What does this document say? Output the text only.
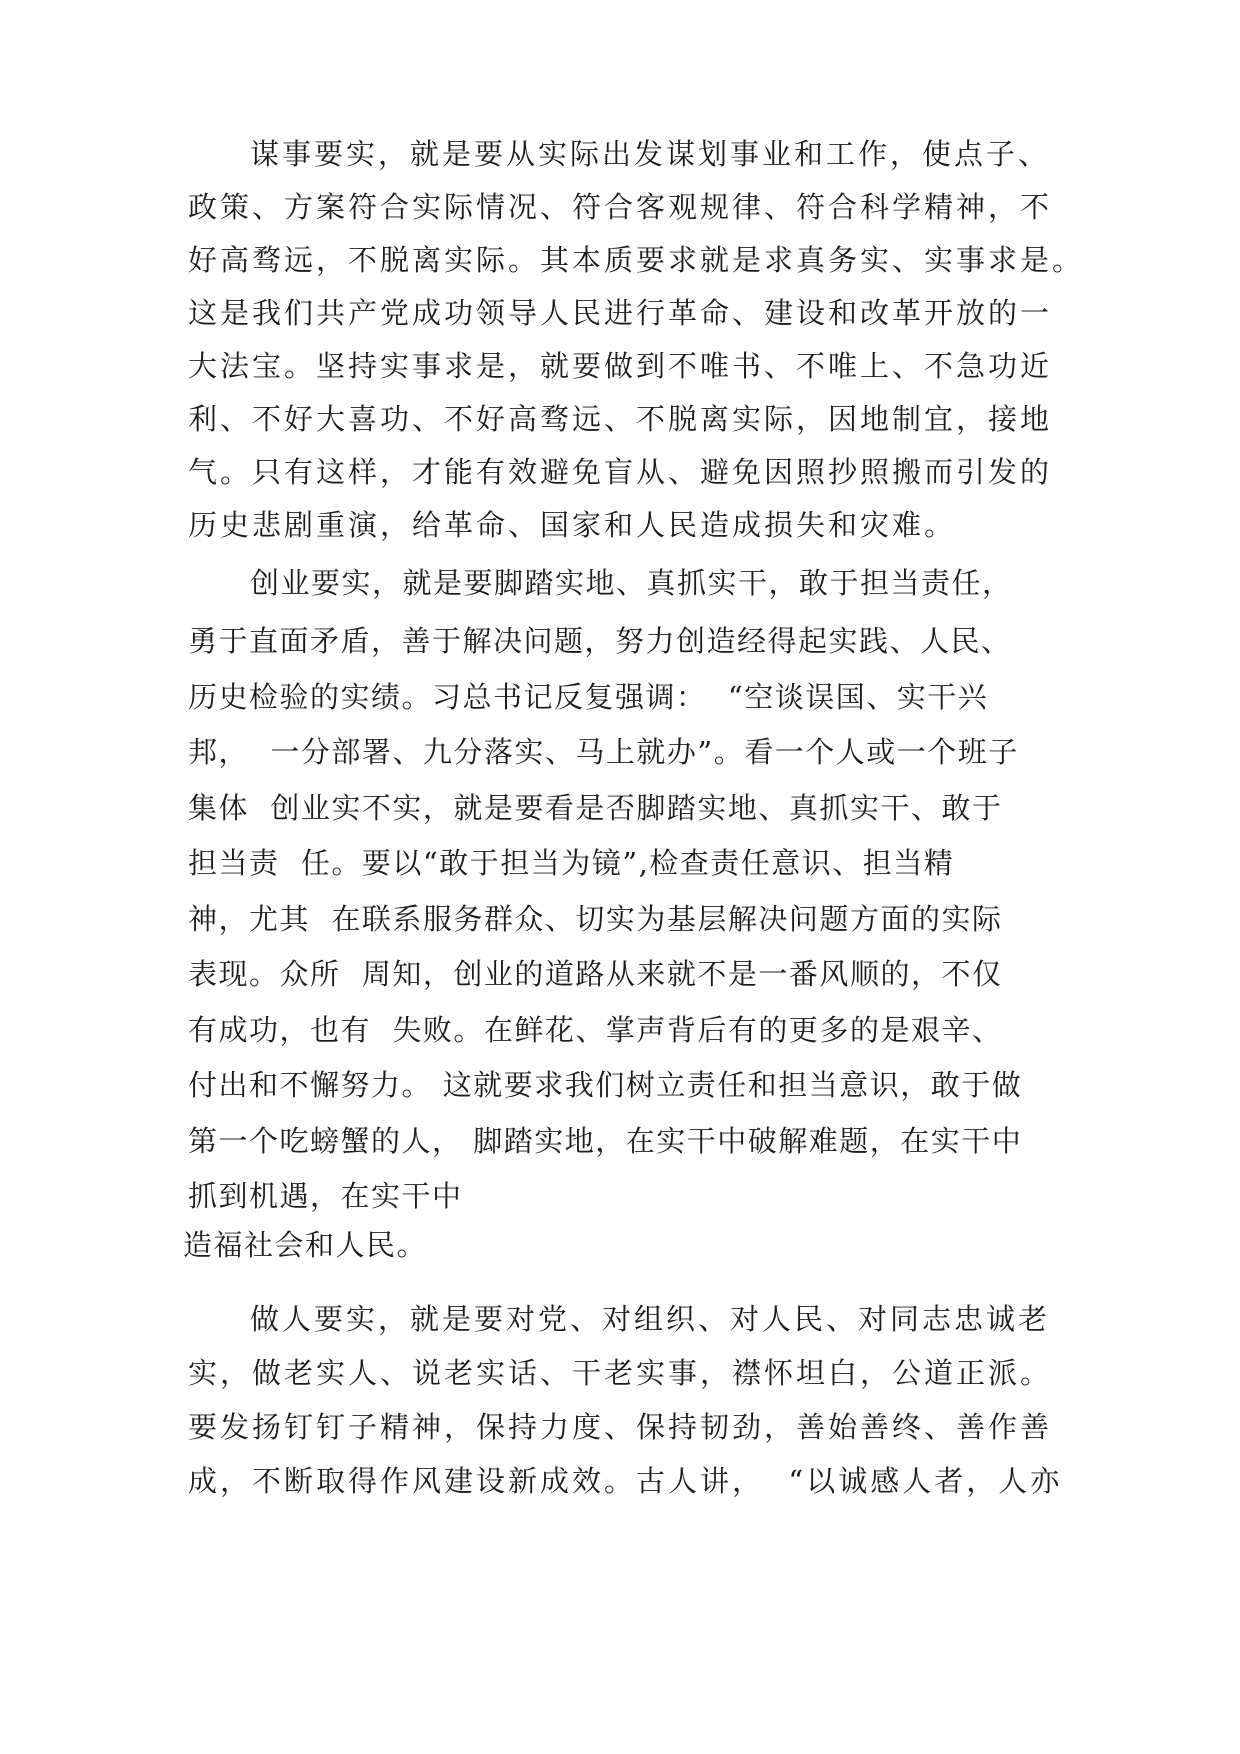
谋事要实，就是要从实际出发谋划事业和工作，使点子、
政策、方案符合实际情况、符合客观规律、符合科学精神，不
好高骛远，不脱离实际。其本质要求就是求真务实、实事求是。
这是我们共产党成功领导人民进行革命、建设和改革开放的一
大法宝。坚持实事求是，就要做到不唯书、不唯上、不急功近
利、不好大喜功、不好高骛远、不脱离实际，因地制宜，接地
气。只有这样，才能有效避免盲从、避免因照抄照搬而引发的
历史悲剧重演，给革命、国家和人民造成损失和灾难。
创业要实，就是要脚踏实地、真抓实干，敢于担当责任，
勇于直面矛盾，善于解决问题，努力创造经得起实践、人民、
历史检验的实绩。习总书记反复强调：  “空谈误国、实干兴
邦，  一分部署、九分落实、马上就办”。看一个人或一个班子
集体  创业实不实，就是要看是否脚踏实地、真抓实干、敢于
担当责  任。要以“敢于担当为镜”,检查责任意识、担当精
神，尤其  在联系服务群众、切实为基层解决问题方面的实际
表现。众所  周知，创业的道路从来就不是一番风顺的，不仅
有成功，也有  失败。在鲜花、掌声背后有的更多的是艰辛、
付出和不懈努力。 这就要求我们树立责任和担当意识，敢于做
第一个吃螃蟹的人， 脚踏实地，在实干中破解难题，在实干中
抓到机遇，在实干中
造福社会和人民。
做人要实，就是要对党、对组织、对人民、对同志忠诚老
实，做老实人、说老实话、干老实事，襟怀坦白，公道正派。
要发扬钉钉子精神，保持力度、保持韧劲，善始善终、善作善
成，不断取得作风建设新成效。古人讲，  “以诚感人者，人亦
